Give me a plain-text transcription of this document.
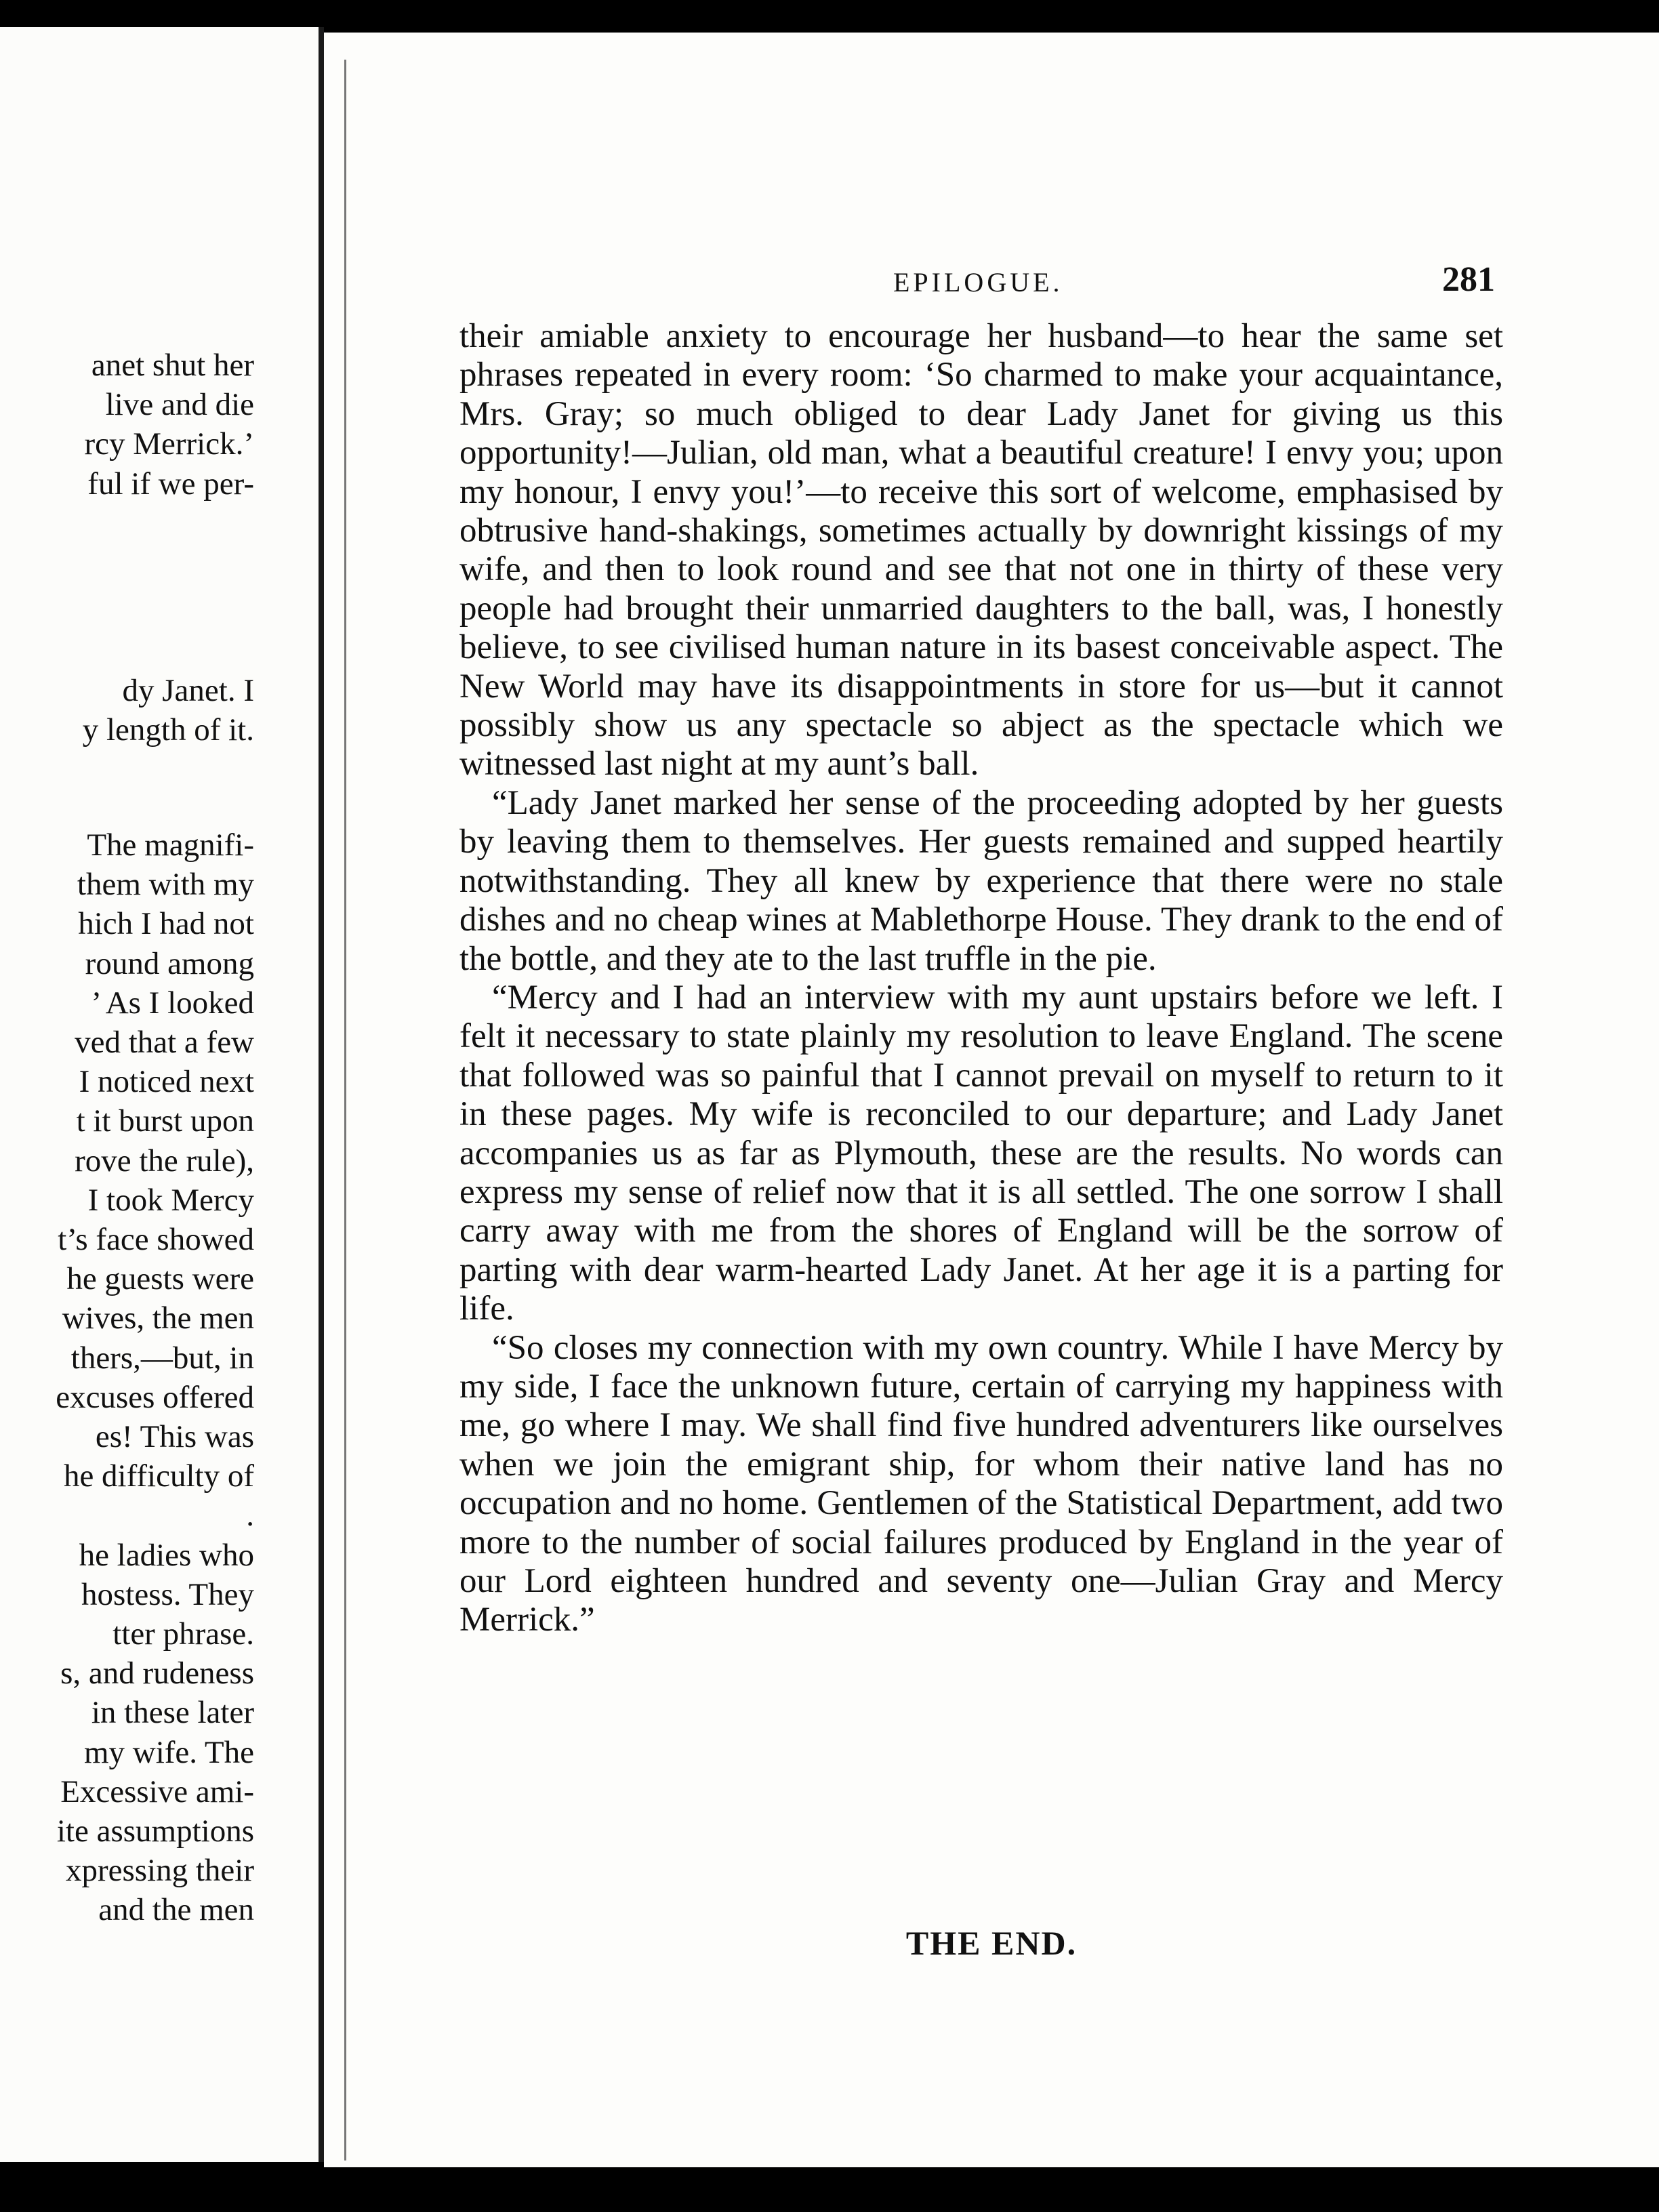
anet shut her
live and die
rcy Merrick.’
ful if we per-
dy Janet. I
y length of it.
The magnifi-
them with my
hich I had not
round among
’ As I looked
ved that a few
I noticed next
t it burst upon
rove the rule),
I took Mercy
t’s face showed
he guests were
wives, the men
thers,—but, in
excuses offered
es! This was
he difficulty of
.
he ladies who
hostess. They
tter phrase.
s, and rudeness
in these later
my wife. The
Excessive ami-
ite assumptions
xpressing their
and the men
EPILOGUE.	281

their amiable anxiety to encourage her husband—to hear the same set phrases repeated in every room: ‘So charmed to make your acquaintance, Mrs. Gray; so much obliged to dear Lady Janet for giving us this opportunity!—Julian, old man, what a beautiful creature! I envy you; upon my honour, I envy you!’—to receive this sort of welcome, emphasised by obtrusive hand-shakings, sometimes actually by downright kissings of my wife, and then to look round and see that not one in thirty of these very people had brought their unmarried daughters to the ball, was, I honestly believe, to see civilised human nature in its basest conceivable aspect. The New World may have its disappointments in store for us—but it cannot possibly show us any spectacle so abject as the spectacle which we witnessed last night at my aunt’s ball.

“Lady Janet marked her sense of the proceeding adopted by her guests by leaving them to themselves. Her guests remained and supped heartily notwithstanding. They all knew by experience that there were no stale dishes and no cheap wines at Mablethorpe House. They drank to the end of the bottle, and they ate to the last truffle in the pie.

“Mercy and I had an interview with my aunt upstairs before we left. I felt it necessary to state plainly my resolution to leave England. The scene that followed was so painful that I cannot prevail on myself to return to it in these pages. My wife is reconciled to our departure; and Lady Janet accompanies us as far as Plymouth, these are the results. No words can express my sense of relief now that it is all settled. The one sorrow I shall carry away with me from the shores of England will be the sorrow of parting with dear warm-hearted Lady Janet. At her age it is a parting for life.

“So closes my connection with my own country. While I have Mercy by my side, I face the unknown future, certain of carrying my happiness with me, go where I may. We shall find five hundred adventurers like ourselves when we join the emigrant ship, for whom their native land has no occupation and no home. Gentlemen of the Statistical Department, add two more to the number of social failures produced by England in the year of our Lord eighteen hundred and seventy one—Julian Gray and Mercy Merrick.”

THE END.
